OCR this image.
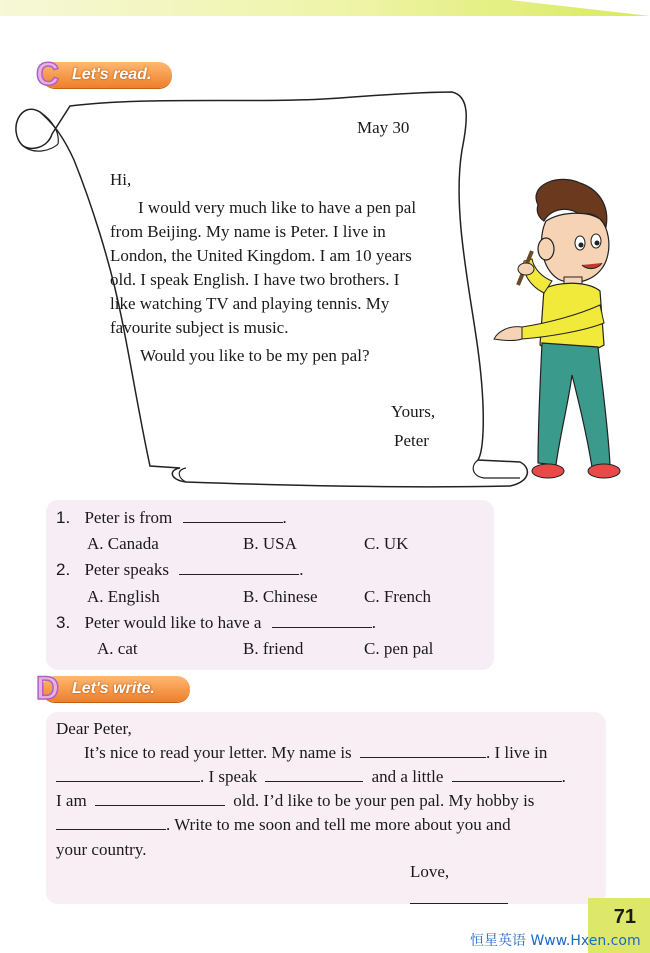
C Let's read.
May 30
Hi,
I would very much like to have a pen pal
from Beijing. My name is Peter. I live in
London, the United Kingdom. I am 10 years
old. I speak English. I have two brothers. I
like watching TV and playing tennis. My
favourite subject is music.
Would you like to be my pen pal?
Yours,
Peter
1. Peter is from	.
A. Canada	B. USA	C. UK
2. Peter speaks	.
A. English	B. Chinese	C. French
3. Peter would like to have a	.
A. cat	B. friend	C. pen pal
D Let's write.
Dear Peter,
It’s nice to read your letter. My name is	. I live in
. I speak	and a little	.
I am	old. I’d like to be your pen pal. My hobby is
. Write to me soon and tell me more about you and
your country.
Love,
71
恒星英语 Www.Hxen.com
